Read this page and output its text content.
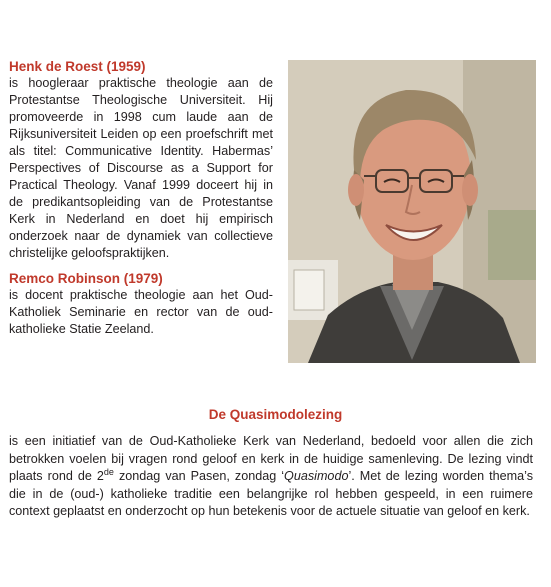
Henk de Roest (1959)

is hoogleraar praktische theologie aan de Protestantse Theologische Universiteit. Hij promoveerde in 1998 cum laude aan de Rijksuniversiteit Leiden op een proefschrift met als titel: Communicative Identity. Habermas’ Perspectives of Discourse as a Support for Practical Theology. Vanaf 1999 doceert hij in de predikantsopleiding van de Protestantse Kerk in Nederland en doet hij empirisch onderzoek naar de dynamiek van collectieve christelijke geloofspraktijken.

Remco Robinson (1979)

is docent praktische theologie aan het Oud-Katholiek Seminarie en rector van de oud-katholieke Statie Zeeland.

De Quasimodolezing

is een initiatief van de Oud-Katholieke Kerk van Nederland, bedoeld voor allen die zich betrokken voelen bij vragen rond geloof en kerk in de huidige samenleving. De lezing vindt plaats rond de 2de zondag van Pasen, zondag ‘Quasimodo’. Met de lezing worden thema’s die in de (oud-) katholieke traditie een belangrijke rol hebben gespeeld, in een ruimere context geplaatst en onderzocht op hun betekenis voor de actuele situatie van geloof en kerk.
